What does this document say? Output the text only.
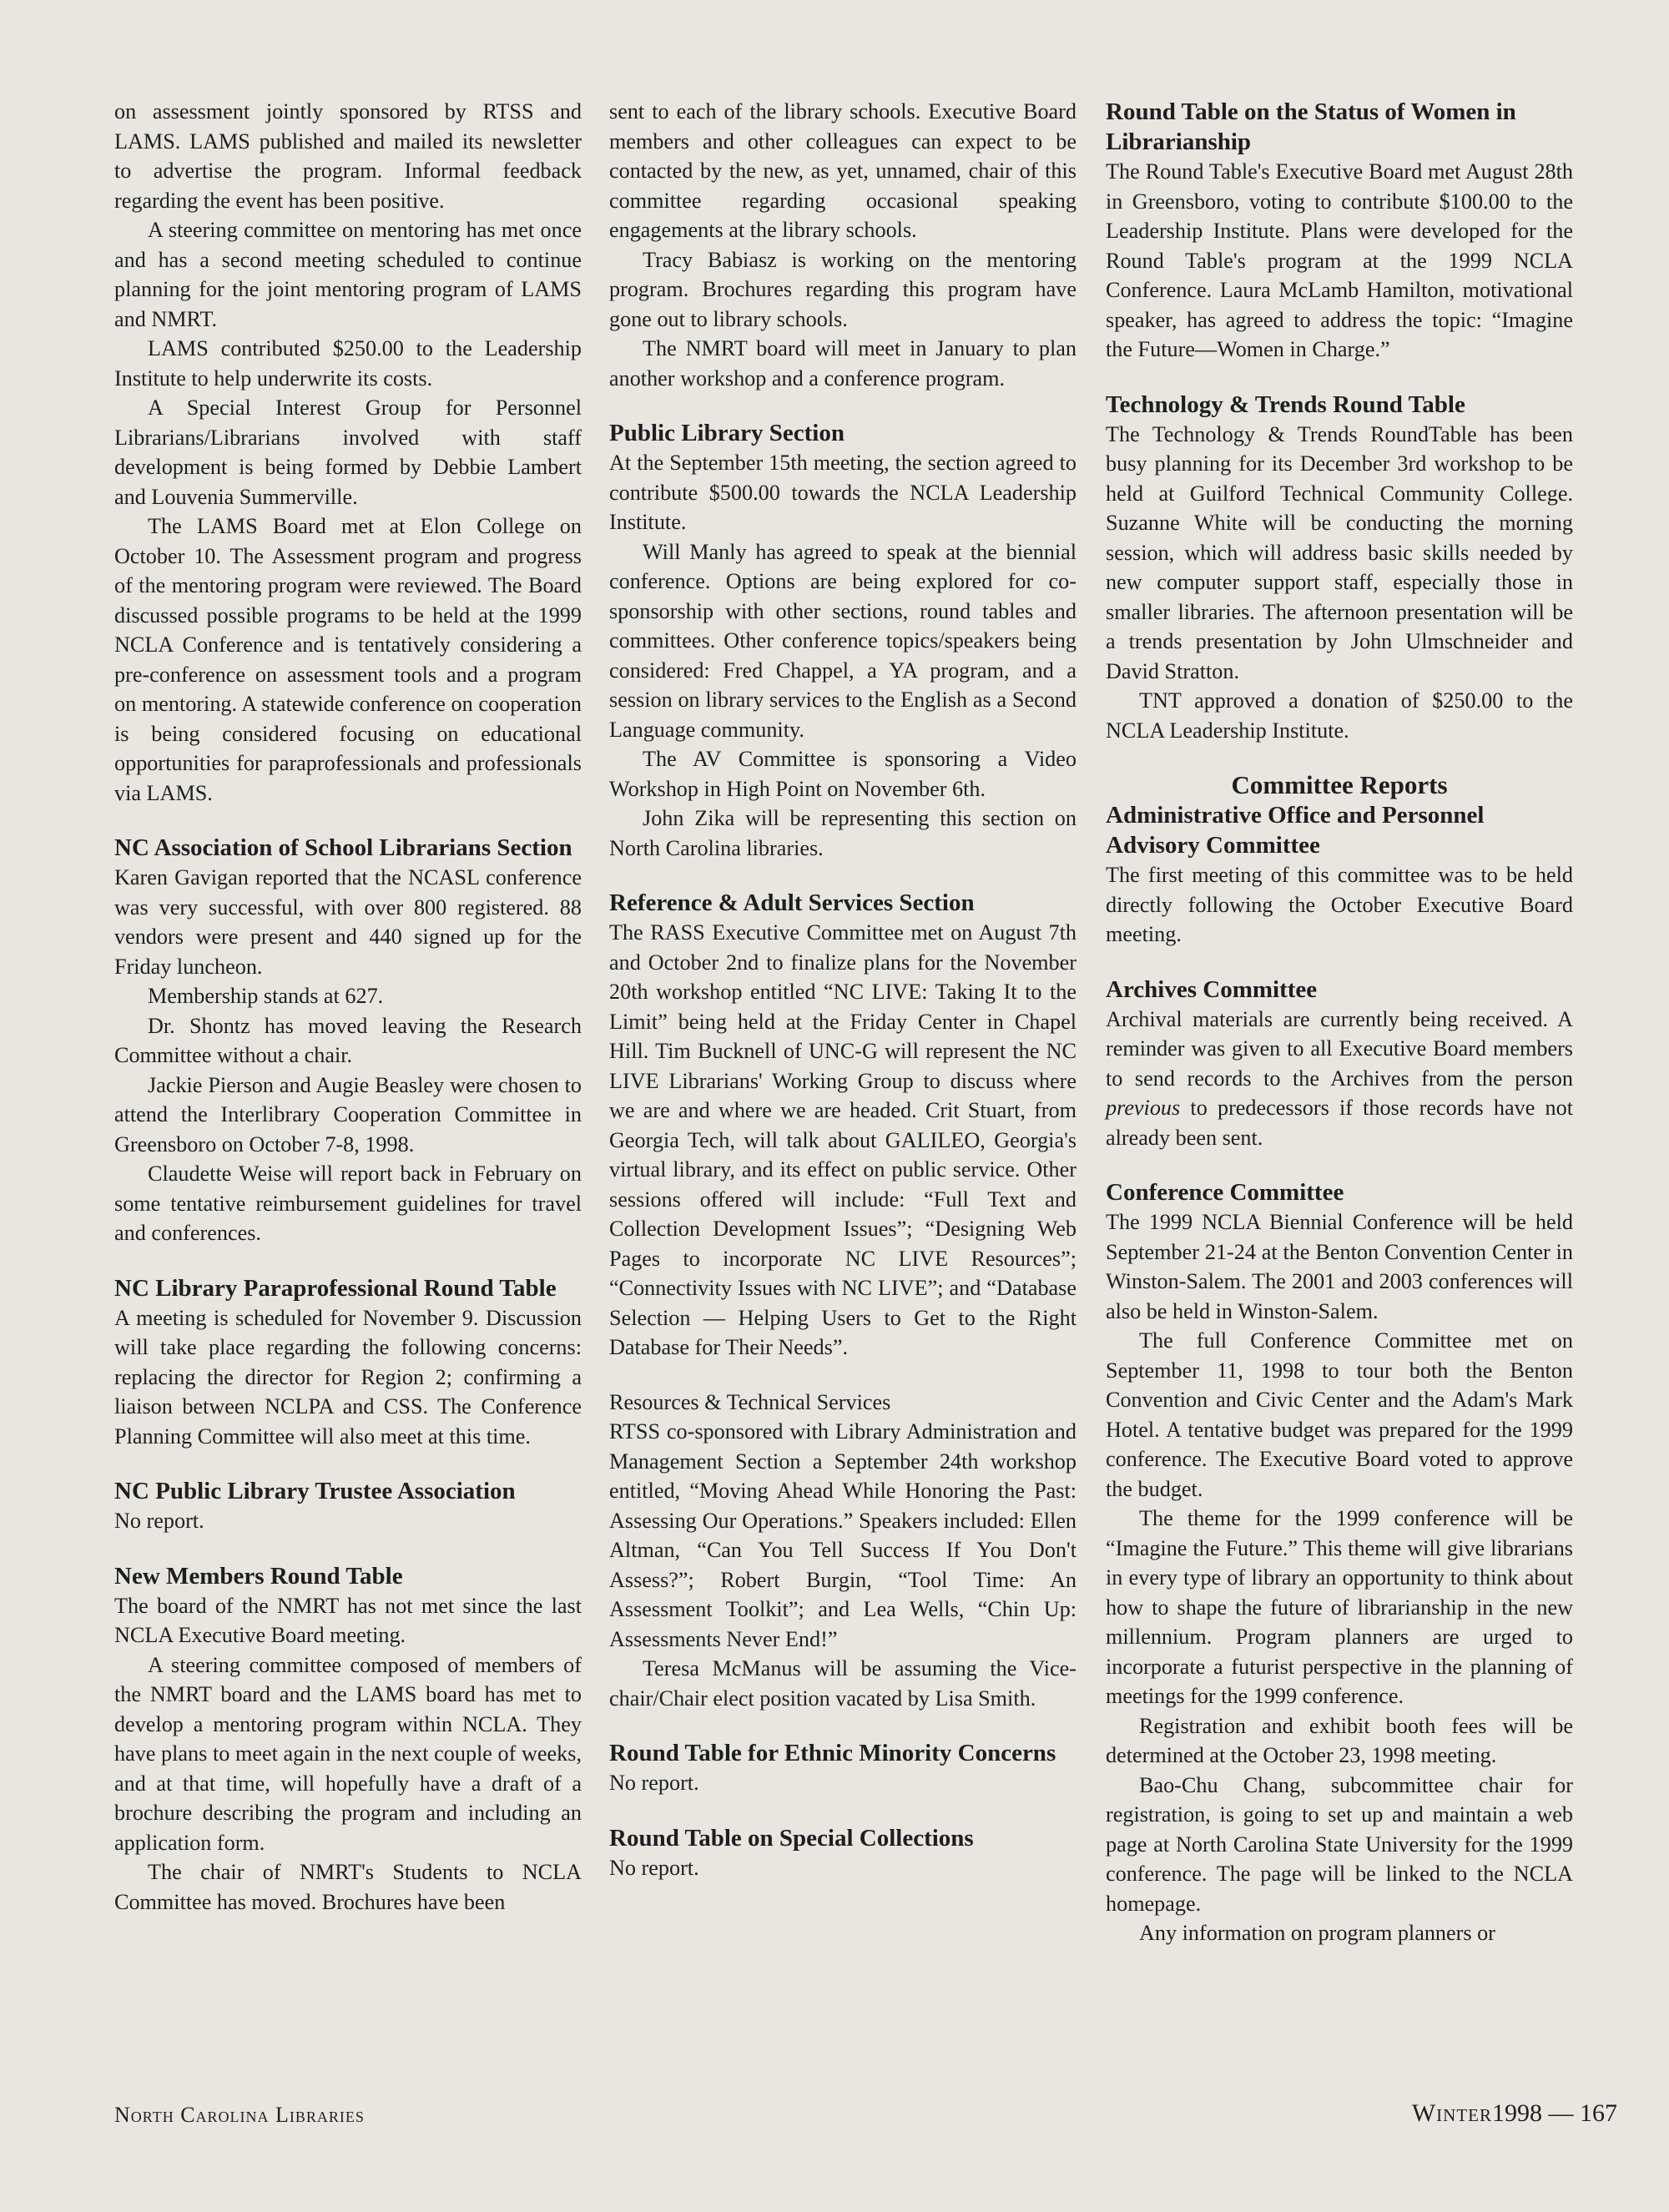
on assessment jointly sponsored by RTSS and LAMS. LAMS published and mailed its newsletter to advertise the program. Informal feedback regarding the event has been positive.

A steering committee on mentoring has met once and has a second meeting scheduled to continue planning for the joint mentoring program of LAMS and NMRT.

LAMS contributed $250.00 to the Leadership Institute to help underwrite its costs.

A Special Interest Group for Personnel Librarians/Librarians involved with staff development is being formed by Debbie Lambert and Louvenia Summerville.

The LAMS Board met at Elon College on October 10. The Assessment program and progress of the mentoring program were reviewed. The Board discussed possible programs to be held at the 1999 NCLA Conference and is tentatively considering a pre-conference on assessment tools and a program on mentoring. A statewide conference on cooperation is being considered focusing on educational opportunities for paraprofessionals and professionals via LAMS.

NC Association of School Librarians Section

Karen Gavigan reported that the NCASL conference was very successful, with over 800 registered. 88 vendors were present and 440 signed up for the Friday luncheon.

Membership stands at 627.

Dr. Shontz has moved leaving the Research Committee without a chair.

Jackie Pierson and Augie Beasley were chosen to attend the Interlibrary Cooperation Committee in Greensboro on October 7-8, 1998.

Claudette Weise will report back in February on some tentative reimbursement guidelines for travel and conferences.

NC Library Paraprofessional Round Table

A meeting is scheduled for November 9. Discussion will take place regarding the following concerns: replacing the director for Region 2; confirming a liaison between NCLPA and CSS. The Conference Planning Committee will also meet at this time.

NC Public Library Trustee Association

No report.

New Members Round Table

The board of the NMRT has not met since the last NCLA Executive Board meeting.

A steering committee composed of members of the NMRT board and the LAMS board has met to develop a mentoring program within NCLA. They have plans to meet again in the next couple of weeks, and at that time, will hopefully have a draft of a brochure describing the program and including an application form.

The chair of NMRT's Students to NCLA Committee has moved. Brochures have been

sent to each of the library schools. Executive Board members and other colleagues can expect to be contacted by the new, as yet, unnamed, chair of this committee regarding occasional speaking engagements at the library schools.

Tracy Babiasz is working on the mentoring program. Brochures regarding this program have gone out to library schools.

The NMRT board will meet in January to plan another workshop and a conference program.

Public Library Section

At the September 15th meeting, the section agreed to contribute $500.00 towards the NCLA Leadership Institute.

Will Manly has agreed to speak at the biennial conference. Options are being explored for co-sponsorship with other sections, round tables and committees. Other conference topics/speakers being considered: Fred Chappel, a YA program, and a session on library services to the English as a Second Language community.

The AV Committee is sponsoring a Video Workshop in High Point on November 6th.

John Zika will be representing this section on North Carolina libraries.

Reference & Adult Services Section

The RASS Executive Committee met on August 7th and October 2nd to finalize plans for the November 20th workshop entitled “NC LIVE: Taking It to the Limit” being held at the Friday Center in Chapel Hill. Tim Bucknell of UNC-G will represent the NC LIVE Librarians' Working Group to discuss where we are and where we are headed. Crit Stuart, from Georgia Tech, will talk about GALILEO, Georgia's virtual library, and its effect on public service. Other sessions offered will include: “Full Text and Collection Development Issues”; “Designing Web Pages to incorporate NC LIVE Resources”; “Connectivity Issues with NC LIVE”; and “Database Selection — Helping Users to Get to the Right Database for Their Needs”.

Resources & Technical Services

RTSS co-sponsored with Library Administration and Management Section a September 24th workshop entitled, “Moving Ahead While Honoring the Past: Assessing Our Operations.” Speakers included: Ellen Altman, “Can You Tell Success If You Don't Assess?”; Robert Burgin, “Tool Time: An Assessment Toolkit”; and Lea Wells, “Chin Up: Assessments Never End!”

Teresa McManus will be assuming the Vice-chair/Chair elect position vacated by Lisa Smith.

Round Table for Ethnic Minority Concerns

No report.

Round Table on Special Collections

No report.

Round Table on the Status of Women in Librarianship

The Round Table's Executive Board met August 28th in Greensboro, voting to contribute $100.00 to the Leadership Institute. Plans were developed for the Round Table's program at the 1999 NCLA Conference. Laura McLamb Hamilton, motivational speaker, has agreed to address the topic: “Imagine the Future—Women in Charge.”

Technology & Trends Round Table

The Technology & Trends RoundTable has been busy planning for its December 3rd workshop to be held at Guilford Technical Community College. Suzanne White will be conducting the morning session, which will address basic skills needed by new computer support staff, especially those in smaller libraries. The afternoon presentation will be a trends presentation by John Ulmschneider and David Stratton.

TNT approved a donation of $250.00 to the NCLA Leadership Institute.

Committee Reports
Administrative Office and Personnel Advisory Committee

The first meeting of this committee was to be held directly following the October Executive Board meeting.

Archives Committee

Archival materials are currently being received. A reminder was given to all Executive Board members to send records to the Archives from the person previous to predecessors if those records have not already been sent.

Conference Committee

The 1999 NCLA Biennial Conference will be held September 21-24 at the Benton Convention Center in Winston-Salem. The 2001 and 2003 conferences will also be held in Winston-Salem.

The full Conference Committee met on September 11, 1998 to tour both the Benton Convention and Civic Center and the Adam's Mark Hotel. A tentative budget was prepared for the 1999 conference. The Executive Board voted to approve the budget.

The theme for the 1999 conference will be “Imagine the Future.” This theme will give librarians in every type of library an opportunity to think about how to shape the future of librarianship in the new millennium. Program planners are urged to incorporate a futurist perspective in the planning of meetings for the 1999 conference.

Registration and exhibit booth fees will be determined at the October 23, 1998 meeting.

Bao-Chu Chang, subcommittee chair for registration, is going to set up and maintain a web page at North Carolina State University for the 1999 conference. The page will be linked to the NCLA homepage.

Any information on program planners or

North Carolina Libraries	Winter1998 — 167
